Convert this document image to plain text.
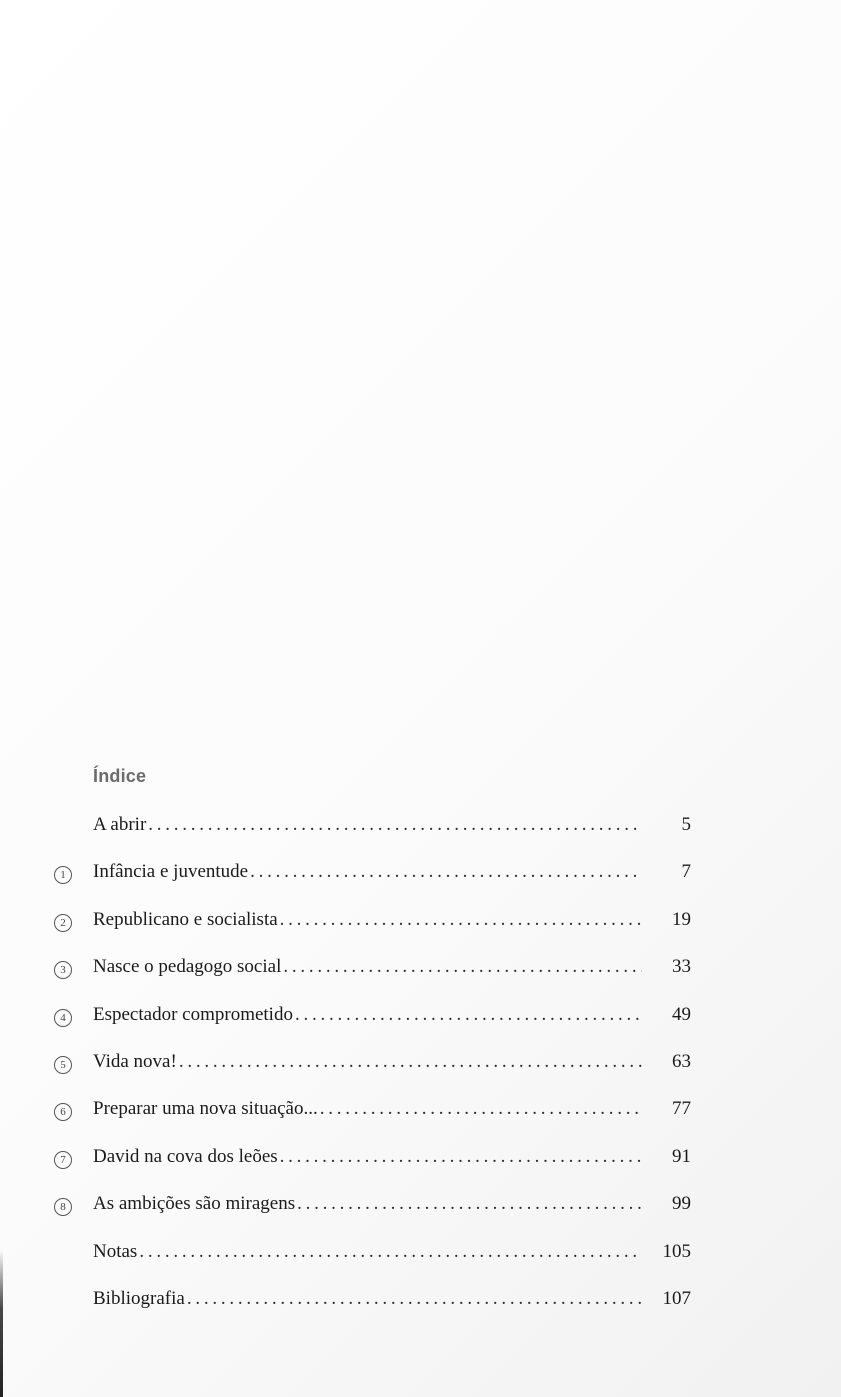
Índice
A abrir . . .	5
1	Infância e juventude . . .	7
2	Republicano e socialista . . .	19
3	Nasce o pedagogo social . . .	33
4	Espectador comprometido . . .	49
5	Vida nova! . . .	63
6	Preparar uma nova situação... . . .	77
7	David na cova dos leões . . .	91
8	As ambições são miragens . . .	99
Notas . . .	105
Bibliografia . . .	107
